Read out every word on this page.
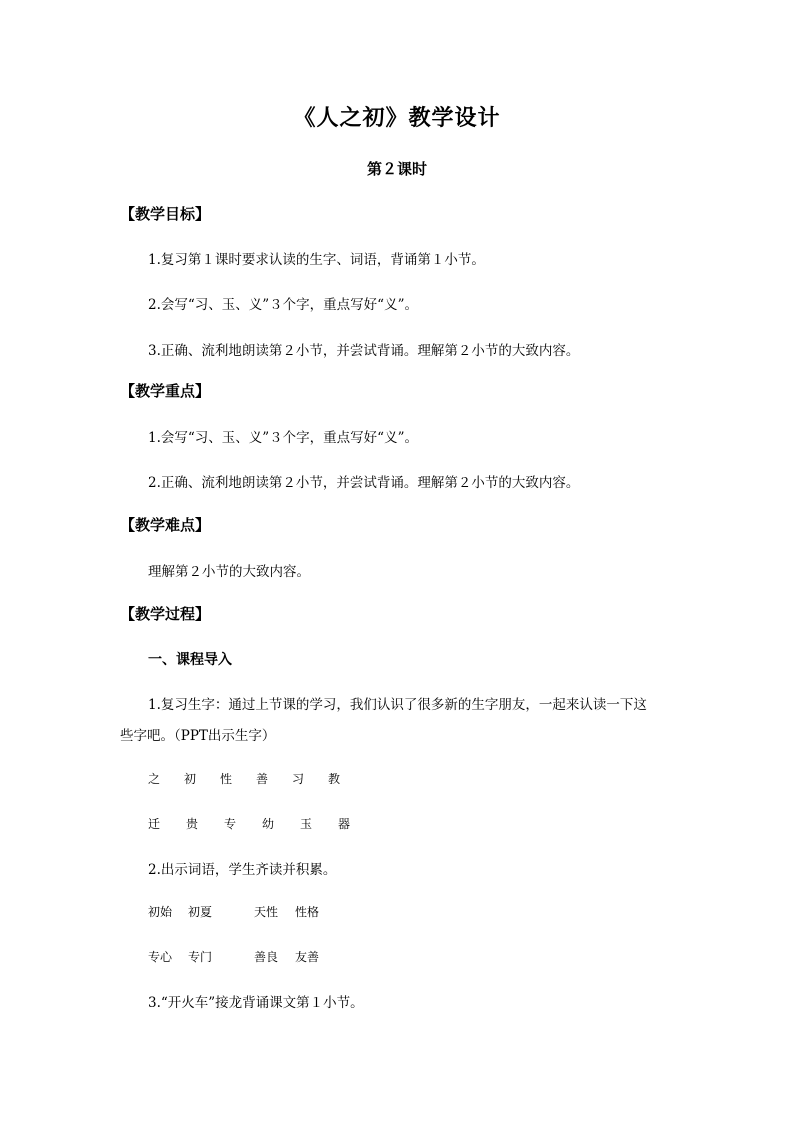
《人之初》教学设计
第２课时
【教学目标】
1.复习第１课时要求认读的生字、词语，背诵第１小节。
2.会写“习、玉、义”３个字，重点写好“义”。
3.正确、流利地朗读第２小节，并尝试背诵。理解第２小节的大致内容。
【教学重点】
1.会写“习、玉、义”３个字，重点写好“义”。
2.正确、流利地朗读第２小节，并尝试背诵。理解第２小节的大致内容。
【教学难点】
理解第２小节的大致内容。
【教学过程】
一、课程导入
1.复习生字：通过上节课的学习，我们认识了很多新的生字朋友，一起来认读一下这
些字吧。（PPT出示生字）
之 初 性 善 习 教
迁 贵 专 幼 玉 器
2.出示词语，学生齐读并积累。
初始 初夏	天性 性格
专心 专门	善良 友善
3.“开火车”接龙背诵课文第１小节。
